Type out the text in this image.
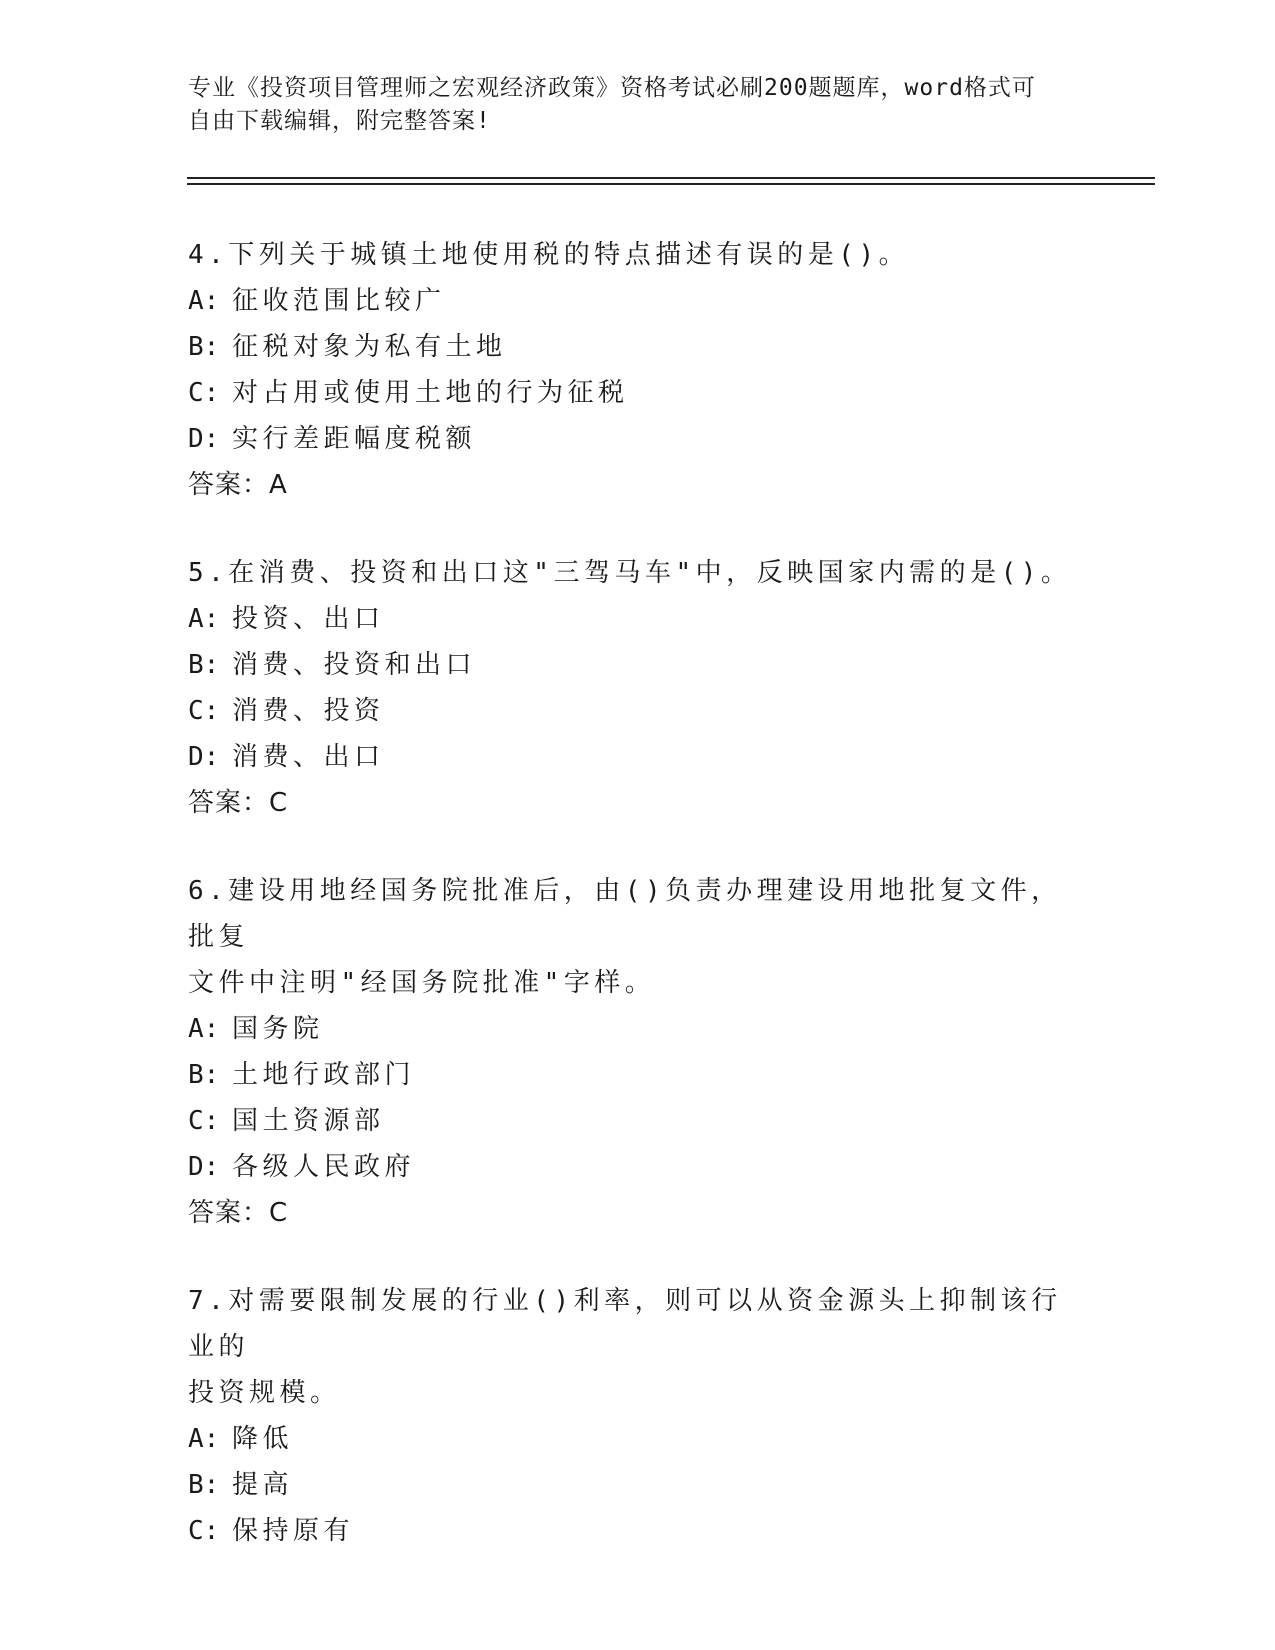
专业《投资项目管理师之宏观经济政策》资格考试必刷200题题库，word格式可
自由下载编辑，附完整答案!
4.下列关于城镇土地使用税的特点描述有误的是()。
A: 征收范围比较广
B: 征税对象为私有土地
C: 对占用或使用土地的行为征税
D: 实行差距幅度税额
答案：A
5.在消费、投资和出口这"三驾马车"中，反映国家内需的是()。
A: 投资、出口
B: 消费、投资和出口
C: 消费、投资
D: 消费、出口
答案：C
6.建设用地经国务院批准后，由()负责办理建设用地批复文件，批复
文件中注明"经国务院批准"字样。
A: 国务院
B: 土地行政部门
C: 国土资源部
D: 各级人民政府
答案：C
7.对需要限制发展的行业()利率，则可以从资金源头上抑制该行业的
投资规模。
A: 降低
B: 提高
C: 保持原有
